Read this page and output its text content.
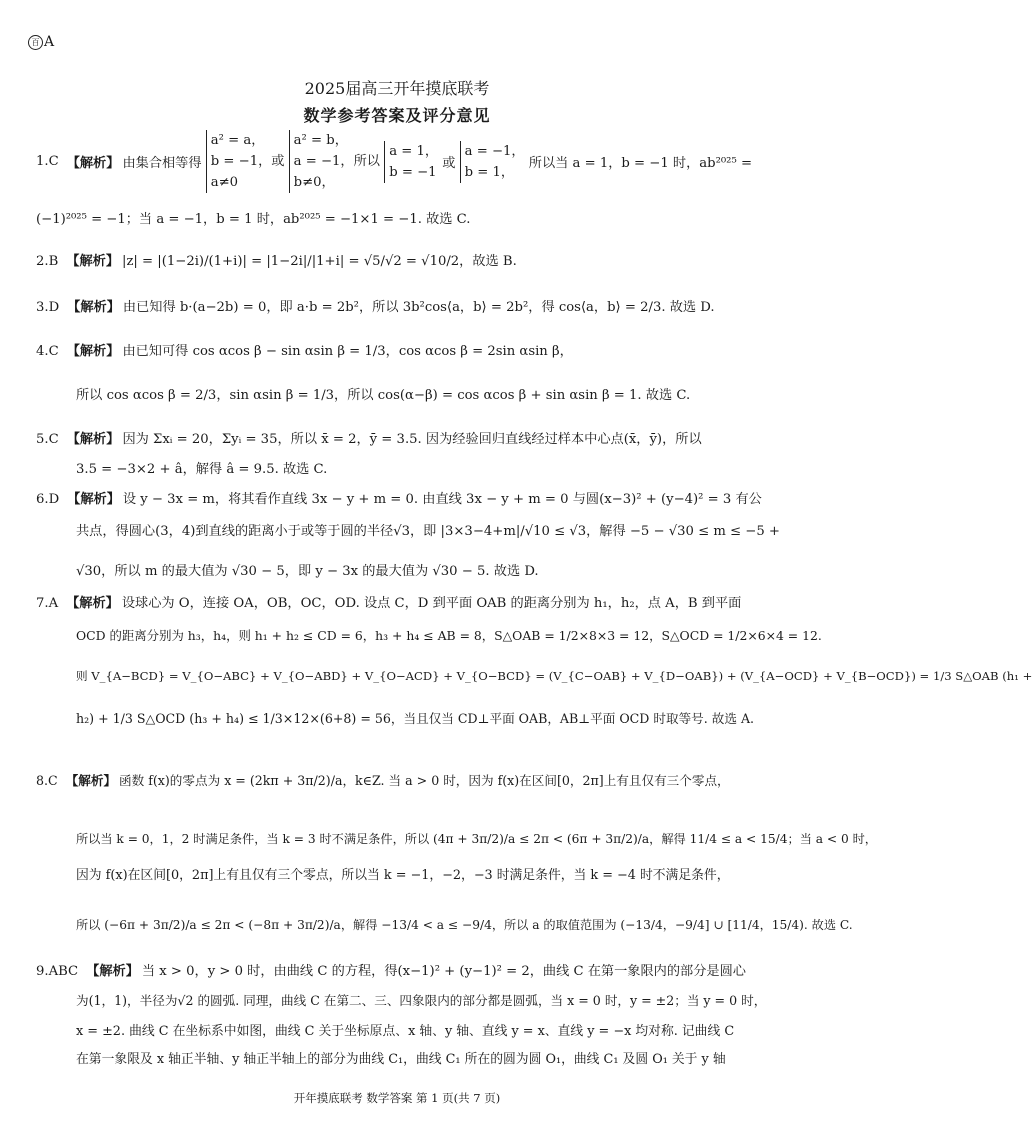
百 A
2025届高三开年摸底联考
数学参考答案及评分意见
1.C 【解析】 由集合相等得
a² = a，
b = −1，或
a≠0

a² = b，
a = −1，所以
b≠0，

a = 1，
b = −1
或
a = −1，
b = 1，
所以当 a = 1，b = −1 时，ab²⁰²⁵ =
(−1)²⁰²⁵ = −1；当 a = −1，b = 1 时，ab²⁰²⁵ = −1×1 = −1. 故选 C.
2.B 【解析】 |z| = |(1−2i)/(1+i)| = |1−2i|/|1+i| = √5/√2 = √10/2，故选 B.
3.D 【解析】 由已知得 b·(a−2b) = 0，即 a·b = 2b²，所以 3b²cos⟨a，b⟩ = 2b²，得 cos⟨a，b⟩ = 2/3. 故选 D.
4.C 【解析】 由已知可得 cos αcos β − sin αsin β = 1/3，cos αcos β = 2sin αsin β，
所以 cos αcos β = 2/3，sin αsin β = 1/3，所以 cos(α−β) = cos αcos β + sin αsin β = 1. 故选 C.
5.C 【解析】 因为 Σxᵢ = 20，Σyᵢ = 35，所以 x̄ = 2，ȳ = 3.5. 因为经验回归直线经过样本中心点(x̄，ȳ)，所以
3.5 = −3×2 + â，解得 â = 9.5. 故选 C.
6.D 【解析】 设 y − 3x = m，将其看作直线 3x − y + m = 0. 由直线 3x − y + m = 0 与圆(x−3)² + (y−4)² = 3 有公
共点，得圆心(3，4)到直线的距离小于或等于圆的半径√3，即 |3×3−4+m|/√10 ≤ √3，解得 −5 − √30 ≤ m ≤ −5 +
√30，所以 m 的最大值为 √30 − 5，即 y − 3x 的最大值为 √30 − 5. 故选 D.
7.A 【解析】 设球心为 O，连接 OA，OB，OC，OD. 设点 C，D 到平面 OAB 的距离分别为 h₁，h₂，点 A，B 到平面
OCD 的距离分别为 h₃，h₄，则 h₁ + h₂ ≤ CD = 6，h₃ + h₄ ≤ AB = 8，S△OAB = 1/2×8×3 = 12，S△OCD = 1/2×6×4 = 12.
则 V_{A−BCD} = V_{O−ABC} + V_{O−ABD} + V_{O−ACD} + V_{O−BCD} = (V_{C−OAB} + V_{D−OAB}) + (V_{A−OCD} + V_{B−OCD}) = 1/3 S△OAB (h₁ +
h₂) + 1/3 S△OCD (h₃ + h₄) ≤ 1/3×12×(6+8) = 56，当且仅当 CD⊥平面 OAB，AB⊥平面 OCD 时取等号. 故选 A.
8.C 【解析】 函数 f(x)的零点为 x = (2kπ + 3π/2)/a，k∈Z. 当 a > 0 时，因为 f(x)在区间[0，2π]上有且仅有三个零点，
所以当 k = 0，1，2 时满足条件，当 k = 3 时不满足条件，所以 (4π + 3π/2)/a ≤ 2π < (6π + 3π/2)/a，解得 11/4 ≤ a < 15/4；当 a < 0 时，
因为 f(x)在区间[0，2π]上有且仅有三个零点，所以当 k = −1，−2，−3 时满足条件，当 k = −4 时不满足条件，
所以 (−6π + 3π/2)/a ≤ 2π < (−8π + 3π/2)/a，解得 −13/4 < a ≤ −9/4，所以 a 的取值范围为 (−13/4，−9/4] ∪ [11/4，15/4). 故选 C.
9.ABC 【解析】 当 x > 0，y > 0 时，由曲线 C 的方程，得(x−1)² + (y−1)² = 2，曲线 C 在第一象限内的部分是圆心
为(1，1)，半径为√2 的圆弧. 同理，曲线 C 在第二、三、四象限内的部分都是圆弧，当 x = 0 时，y = ±2；当 y = 0 时，
x = ±2. 曲线 C 在坐标系中如图，曲线 C 关于坐标原点、x 轴、y 轴、直线 y = x、直线 y = −x 均对称. 记曲线 C
在第一象限及 x 轴正半轴、y 轴正半轴上的部分为曲线 C₁，曲线 C₁ 所在的圆为圆 O₁，曲线 C₁ 及圆 O₁ 关于 y 轴
开年摸底联考 数学答案 第 1 页(共 7 页)
